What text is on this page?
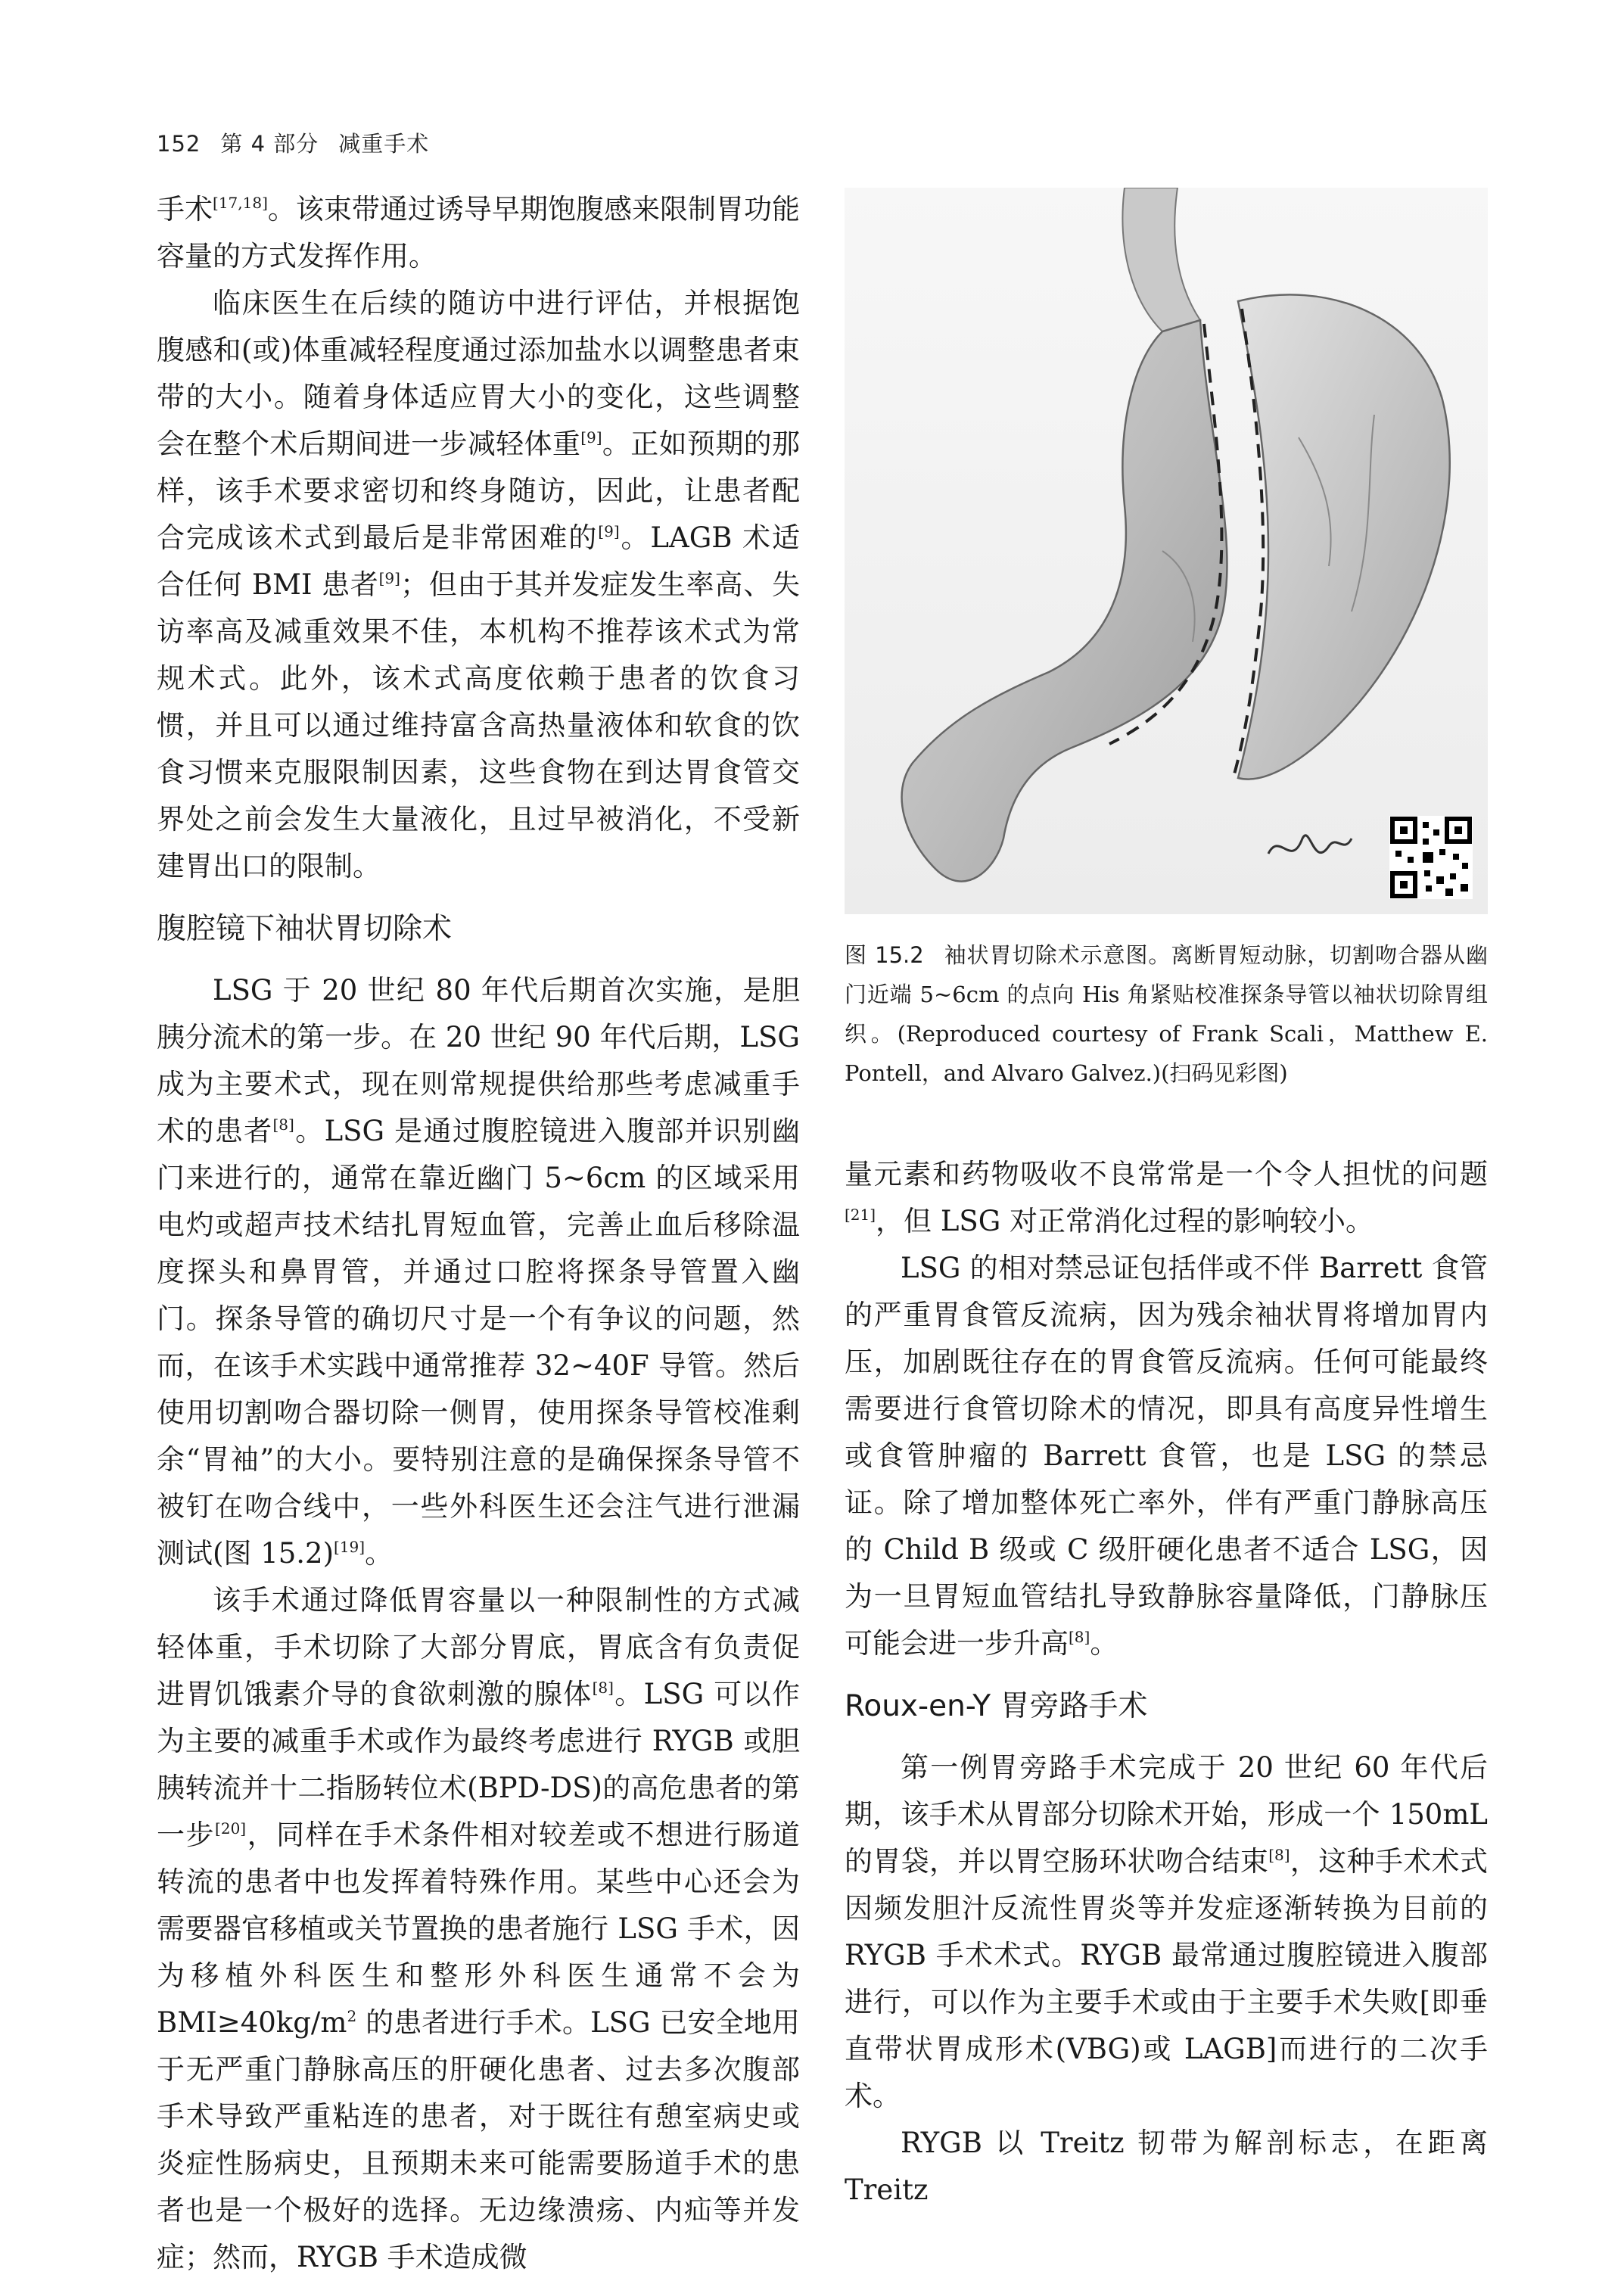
152 第 4 部分 减重手术

手术[17,18]。该束带通过诱导早期饱腹感来限制胃功能容量的方式发挥作用。

临床医生在后续的随访中进行评估，并根据饱腹感和(或)体重减轻程度通过添加盐水以调整患者束带的大小。随着身体适应胃大小的变化，这些调整会在整个术后期间进一步减轻体重[9]。正如预期的那样，该手术要求密切和终身随访，因此，让患者配合完成该术式到最后是非常困难的[9]。LAGB 术适合任何 BMI 患者[9]；但由于其并发症发生率高、失访率高及减重效果不佳，本机构不推荐该术式为常规术式。此外，该术式高度依赖于患者的饮食习惯，并且可以通过维持富含高热量液体和软食的饮食习惯来克服限制因素，这些食物在到达胃食管交界处之前会发生大量液化，且过早被消化，不受新建胃出口的限制。

腹腔镜下袖状胃切除术

LSG 于 20 世纪 80 年代后期首次实施，是胆胰分流术的第一步。在 20 世纪 90 年代后期，LSG 成为主要术式，现在则常规提供给那些考虑减重手术的患者[8]。LSG 是通过腹腔镜进入腹部并识别幽门来进行的，通常在靠近幽门 5~6cm 的区域采用电灼或超声技术结扎胃短血管，完善止血后移除温度探头和鼻胃管，并通过口腔将探条导管置入幽门。探条导管的确切尺寸是一个有争议的问题，然而，在该手术实践中通常推荐 32~40F 导管。然后使用切割吻合器切除一侧胃，使用探条导管校准剩余“胃袖”的大小。要特别注意的是确保探条导管不被钉在吻合线中，一些外科医生还会注气进行泄漏测试(图 15.2)[19]。

该手术通过降低胃容量以一种限制性的方式减轻体重，手术切除了大部分胃底，胃底含有负责促进胃饥饿素介导的食欲刺激的腺体[8]。LSG 可以作为主要的减重手术或作为最终考虑进行 RYGB 或胆胰转流并十二指肠转位术(BPD-DS)的高危患者的第一步[20]，同样在手术条件相对较差或不想进行肠道转流的患者中也发挥着特殊作用。某些中心还会为需要器官移植或关节置换的患者施行 LSG 手术，因为移植外科医生和整形外科医生通常不会为 $BMI\ge 40kg/m^2$ 的患者进行手术。LSG 已安全地用于无严重门静脉高压的肝硬化患者、过去多次腹部手术导致严重粘连的患者，对于既往有憩室病史或炎症性肠病史，且预期未来可能需要肠道手术的患者也是一个极好的选择。无边缘溃疡、内疝等并发症；然而，RYGB 手术造成微

图 15.2 袖状胃切除术示意图。离断胃短动脉，切割吻合器从幽门近端 5~6cm 的点向 His 角紧贴校准探条导管以袖状切除胃组织。(Reproduced courtesy of Frank Scali，Matthew E. Pontell，and Alvaro Galvez.)(扫码见彩图)

量元素和药物吸收不良常常是一个令人担忧的问题[21]，但 LSG 对正常消化过程的影响较小。

LSG 的相对禁忌证包括伴或不伴 Barrett 食管的严重胃食管反流病，因为残余袖状胃将增加胃内压，加剧既往存在的胃食管反流病。任何可能最终需要进行食管切除术的情况，即具有高度异性增生或食管肿瘤的 Barrett 食管，也是 LSG 的禁忌证。除了增加整体死亡率外，伴有严重门静脉高压的 Child B 级或 C 级肝硬化患者不适合 LSG，因为一旦胃短血管结扎导致静脉容量降低，门静脉压可能会进一步升高[8]。

Roux-en-Y 胃旁路手术

第一例胃旁路手术完成于 20 世纪 60 年代后期，该手术从胃部分切除术开始，形成一个 150mL 的胃袋，并以胃空肠环状吻合结束[8]，这种手术术式因频发胆汁反流性胃炎等并发症逐渐转换为目前的 RYGB 手术术式。RYGB 最常通过腹腔镜进入腹部进行，可以作为主要手术或由于主要手术失败[即垂直带状胃成形术(VBG)或 LAGB]而进行的二次手术。

RYGB 以 Treitz 韧带为解剖标志，在距离 Treitz
